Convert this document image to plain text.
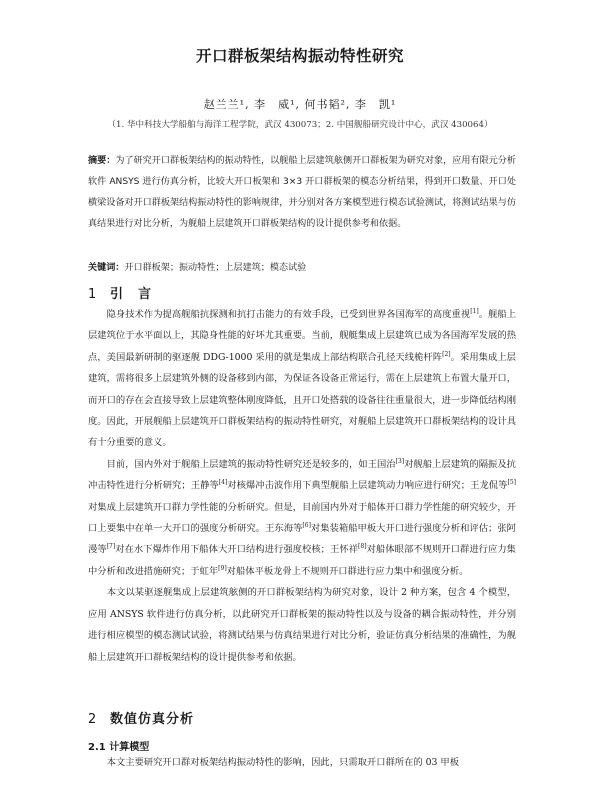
开口群板架结构振动特性研究
赵兰兰¹, 李　威¹, 何书韬², 李　凯¹
（1. 华中科技大学船舶与海洋工程学院，武汉 430073；2. 中国舰船研究设计中心，武汉 430064）
摘要：为了研究开口群板架结构的振动特性，以舰船上层建筑舷侧开口群板架为研究对象，应用有限元分析软件 ANSYS 进行仿真分析，比较大开口板架和 3×3 开口群板架的模态分析结果，得到开口数量、开口处横梁设备对开口群板架结构振动特性的影响规律，并分别对各方案模型进行模态试验测试，将测试结果与仿真结果进行对比分析，为舰船上层建筑开口群板架结构的设计提供参考和依据。
关键词：开口群板架；振动特性；上层建筑；模态试验
1 引　言

隐身技术作为提高舰船抗探测和抗打击能力的有效手段，已受到世界各国海军的高度重视[1]。舰船上层建筑位于水平面以上，其隐身性能的好坏尤其重要。当前，舰艇集成上层建筑已成为各国海军发展的热点，美国最新研制的驱逐舰 DDG-1000 采用的就是集成上部结构联合孔径天线桅杆阵[2]。采用集成上层建筑，需将很多上层建筑外侧的设备移到内部，为保证各设备正常运行，需在上层建筑上布置大量开口，而开口的存在会直接导致上层建筑整体刚度降低，且开口处搭载的设备往往重量很大，进一步降低结构刚度。因此，开展舰船上层建筑开口群板架结构的振动特性研究，对舰船上层建筑开口群板架结构的设计具有十分重要的意义。

目前，国内外对于舰船上层建筑的振动特性研究还是较多的，如王国治[3]对舰船上层建筑的隔振及抗冲击特性进行分析研究；王静等[4]对核爆冲击波作用下典型舰船上层建筑动力响应进行研究；王龙侃等[5]对集成上层建筑开口群力学性能的分析研究。但是，目前国内外对于船体开口群力学性能的研究较少，开口上要集中在单一大开口的强度分析研究。王东海等[6]对集装箱船甲板大开口进行强度分析和评估；张阿漫等[7]对在水下爆炸作用下船体大开口结构进行强度校核；王怀祥[8]对船体眼部不规则开口群进行应力集中分析和改进措施研究；于虹年[9]对船体平板龙骨上不规则开口群进行应力集中和强度分析。

本文以某驱逐舰集成上层建筑舷侧的开口群板架结构为研究对象，设计 2 种方案，包含 4 个模型，应用 ANSYS 软件进行仿真分析，以此研究开口群板架的振动特性以及与设备的耦合振动特性，并分别进行相应模型的模态测试试验，将测试结果与仿真结果进行对比分析，验证仿真分析结果的准确性，为舰船上层建筑开口群板架结构的设计提供参考和依据。

2 数值仿真分析
2.1 计算模型

本文主要研究开口群对板架结构振动特性的影响，因此，只需取开口群所在的 03 甲板
